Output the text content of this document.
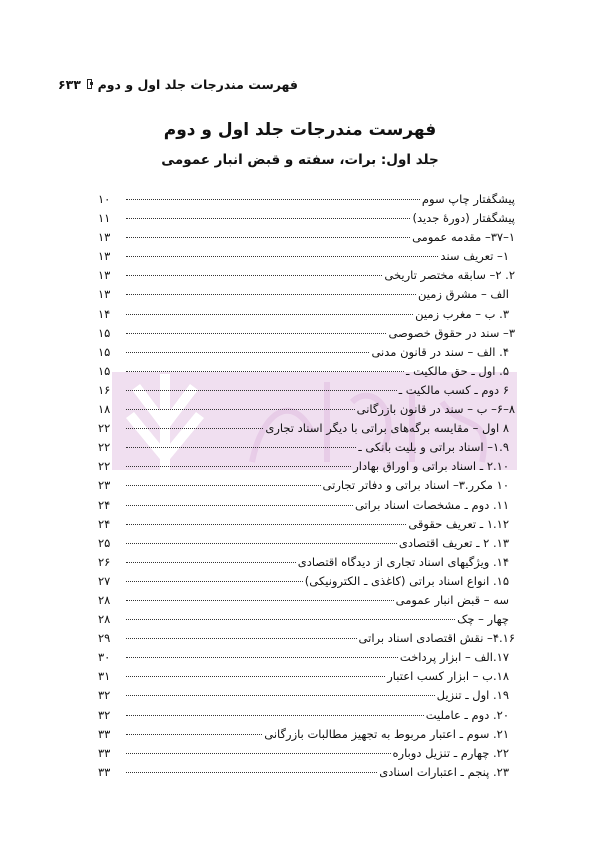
فهرست مندرجات جلد اول و دوم
۶۳۳
فهرست مندرجات جلد اول و دوم
جلد اول: برات، سفته و قبض انبار عمومی
پیشگفتار چاپ سوم
۱۰
پیشگفتار (دورهٔ جدید)
۱۱
۱–۳۷– مقدمه عمومی
۱۳
۱– تعریف سند
۱۳
۲. ۲– سابقه مختصر تاریخی
۱۳
الف – مشرق زمین
۱۳
۳. ب – مغرب زمین
۱۴
۳– سند در حقوق خصوصی
۱۵
۴. الف – سند در قانون مدنی
۱۵
۵. اول ـ حق مالکیت ـ
۱۵
۶ دوم ـ کسب مالکیت ـ
۱۶
۸–۶– ب – سند در قانون بازرگانی
۱۸
۸ اول – مقایسه برگه‌های براتی با دیگر اسناد تجاری
۲۲
۱.۹– اسناد براتی و بلیت بانکی ـ
۲۲
۲.۱۰ ـ اسناد براتی و اوراق بهادار
۲۲
۱۰ مکرر.۳– اسناد براتی و دفاتر تجارتی
۲۳
۱۱. دوم ـ مشخصات اسناد براتی
۲۴
۱.۱۲ ـ تعریف حقوقی
۲۴
۱۳. ۲ ـ تعریف اقتصادی
۲۵
۱۴. ویژگیهای اسناد تجاری از دیدگاه اقتصادی
۲۶
۱۵. انواع اسناد براتی (کاغذی ـ الکترونیکی)
۲۷
سه – قبض انبار عمومی
۲۸
چهار – چک
۲۸
۴.۱۶– نقش اقتصادی اسناد براتی
۲۹
۱۷.الف – ابزار پرداخت
۳۰
۱۸.ب – ابزار کسب اعتبار
۳۱
۱۹. اول ـ تنزیل
۳۲
۲۰. دوم ـ عاملیت
۳۲
۲۱. سوم ـ اعتبار مربوط به تجهیز مطالبات بازرگانی
۳۳
۲۲. چهارم ـ تنزیل دوباره
۳۳
۲۳. پنجم ـ اعتبارات اسنادی
۳۳
